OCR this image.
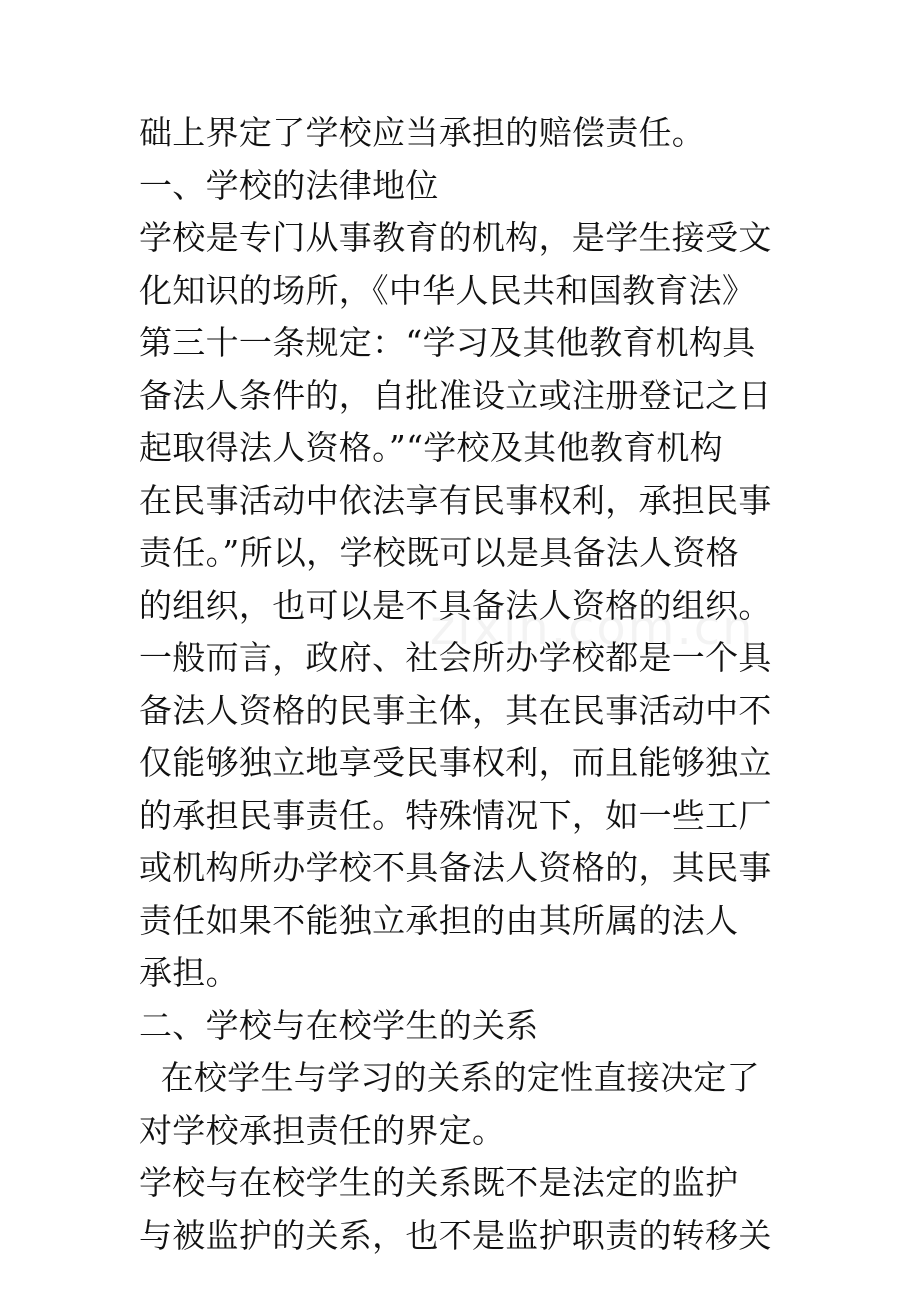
础上界定了学校应当承担的赔偿责任。
一、学校的法律地位
学校是专门从事教育的机构，是学生接受文
化知识的场所，《中华人民共和国教育法》
第三十一条规定：“学习及其他教育机构具
备法人条件的，自批准设立或注册登记之日
起取得法人资格。”“学校及其他教育机构
在民事活动中依法享有民事权利，承担民事
责任。”所以，学校既可以是具备法人资格
的组织，也可以是不具备法人资格的组织。
一般而言，政府、社会所办学校都是一个具
备法人资格的民事主体，其在民事活动中不
仅能够独立地享受民事权利，而且能够独立
的承担民事责任。特殊情况下，如一些工厂
或机构所办学校不具备法人资格的，其民事
责任如果不能独立承担的由其所属的法人
承担。
二、学校与在校学生的关系
在校学生与学习的关系的定性直接决定了
对学校承担责任的界定。
学校与在校学生的关系既不是法定的监护
与被监护的关系，也不是监护职责的转移关
